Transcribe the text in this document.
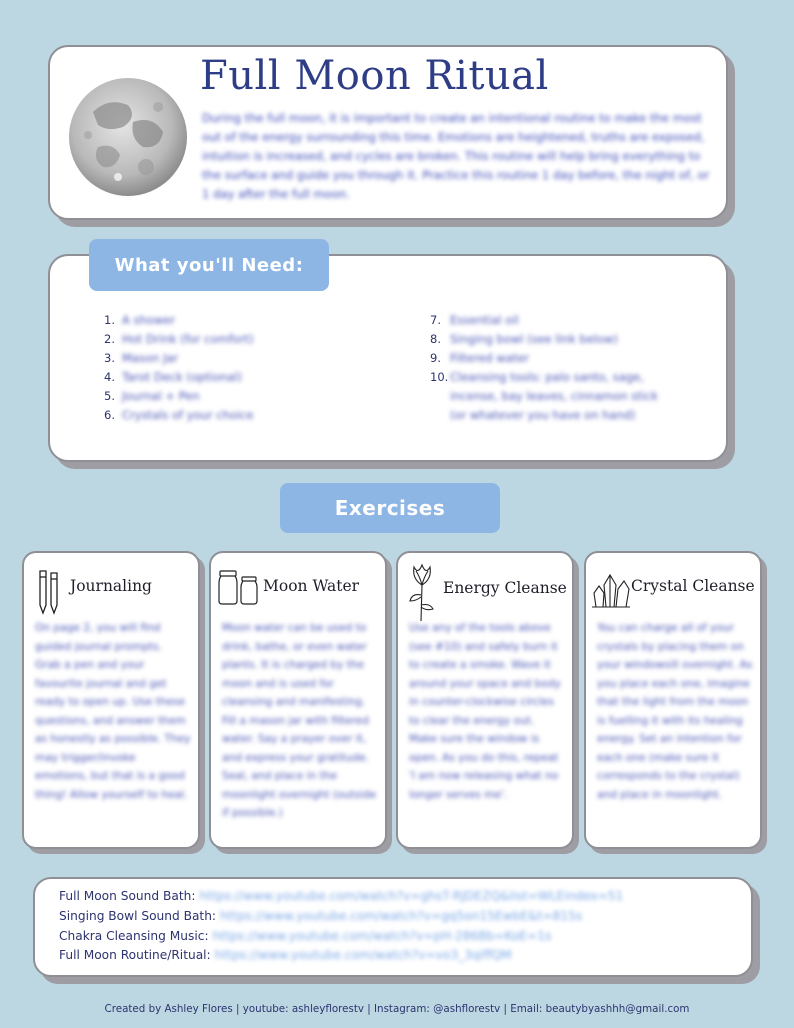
Full Moon Ritual

During the full moon, it is important to create an intentional routine to make the most out of the energy surrounding this time. Emotions are heightened, truths are exposed, intuition is increased, and cycles are broken. This routine will help bring everything to the surface and guide you through it. Practice this routine 1 day before, the night of, or 1 day after the full moon.

What you'll Need:
1. A shower
2. Hot Drink (for comfort)
3. Mason Jar
4. Tarot Deck (optional)
5. Journal + Pen
6. Crystals of your choice
7. Essential oil
8. Singing bowl (see link below)
9. Filtered water
10. Cleansing tools: palo santo, sage, incense, bay leaves, cinnamon stick (or whatever you have on hand)
Exercises
Journaling

On page 2, you will find guided journal prompts. Grab a pen and your favourite journal and get ready to open up. Use these questions, and answer them as honestly as possible. They may trigger/invoke emotions, but that is a good thing! Allow yourself to heal.

Moon Water

Moon water can be used to drink, bathe, or even water plants. It is charged by the moon and is used for cleansing and manifesting. Fill a mason jar with filtered water. Say a prayer over it, and express your gratitude. Seal, and place in the moonlight overnight (outside if possible.)

Energy Cleanse

Use any of the tools above (see #10) and safely burn it to create a smoke. Wave it around your space and body in counter-clockwise circles to clear the energy out. Make sure the window is open. As you do this, repeat 'I am now releasing what no longer serves me'.

Crystal Cleanse

You can charge all of your crystals by placing them on your windowsill overnight. As you place each one, imagine that the light from the moon is fuelling it with its healing energy. Set an intention for each one (make sure it corresponds to the crystal) and place in moonlight.

Full Moon Sound Bath: https://www.youtube.com/watch?v=ghsT-RJDEZQ&list=WLEindex=51
Singing Bowl Sound Bath: https://www.youtube.com/watch?v=gq5on15EwbE&t=815s
Chakra Cleansing Music: https://www.youtube.com/watch?v=pH-286Bb=KoE=1s
Full Moon Routine/Ritual: https://www.youtube.com/watch?v=vo3_3qiffQM
Created by Ashley Flores | youtube: ashleyflorestv | Instagram: @ashflorestv | Email: beautybyashhh@gmail.com
